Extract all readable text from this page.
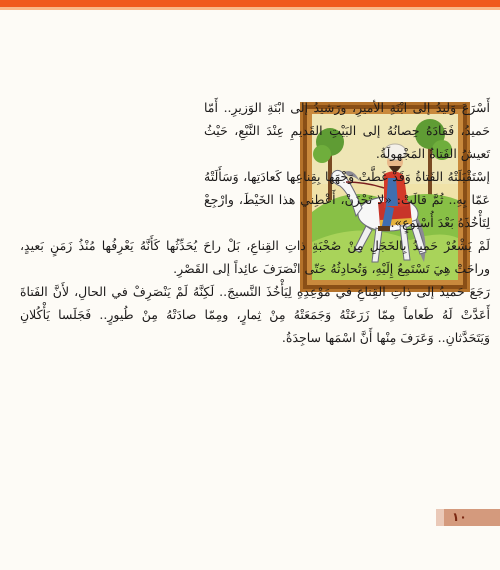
أَسْرَعَ وَليدُ إلى ابْنَةِ الأميرِ، ورَشيدُ إلى ابْنَةِ الوَزيرِ.. أَمّا حَميدُ، فَقادَهُ حِصانُهُ إلى البَيْتِ القَديمِ عِنْدَ النَّبْعِ، حَيْثُ تَعيشُ الفَتاةُ المَجْهولَةُ.

إسْتَقْبَلَتْهُ الفَتاةُ وَقَدْ غَطَّتْ وَجْهَها بِقِناعِها كَعادَتِها، وَسَأَلَتْهُ عَمّا بِهِ.. ثُمَّ قالَتْ: «لا تَحْزَنْ، أَعْطِني هذا الخَيْطَ، وارْجِعْ لِتَأْخُذَهُ بَعْدَ أُسْبوعٍ».

لَمْ يَشْعُرْ حَميدُ بِالخَجَلِ مِنْ صُحْبَةِ ذاتِ القِناعِ، بَلْ راحَ يُحَدِّثُها كَأَنَّهُ يَعْرِفُها مُنْذُ زَمَنٍ بَعيدٍ، وراحَتْ هِيَ تَسْتَمِعُ إِلَيْهِ، وَتُحادِثُهُ حَتّى انْصَرَفَ عائِداً إلى القَصْرِ.

رَجَعَ حَميدُ إلى ذاتِ القِناعِ في مَوْعِدِهِ لِيَأْخُذَ النَّسيجَ.. لَكِنَّهُ لَمْ يَنْصَرِفْ في الحالِ، لأَنَّ الفَتاةَ أَعَدَّتْ لَهُ طَعاماً مِمّا زَرَعَتْهُ وَجَمَعَتْهُ مِنْ ثِمارٍ، ومِمّا صادَتْهُ مِنْ طُيورٍ.. فَجَلَسا يَأْكُلانِ وَيَتَحَدَّثانِ.. وَعَرَفَ مِنْها أَنَّ اسْمَها ساجِدَةُ.

١٠
